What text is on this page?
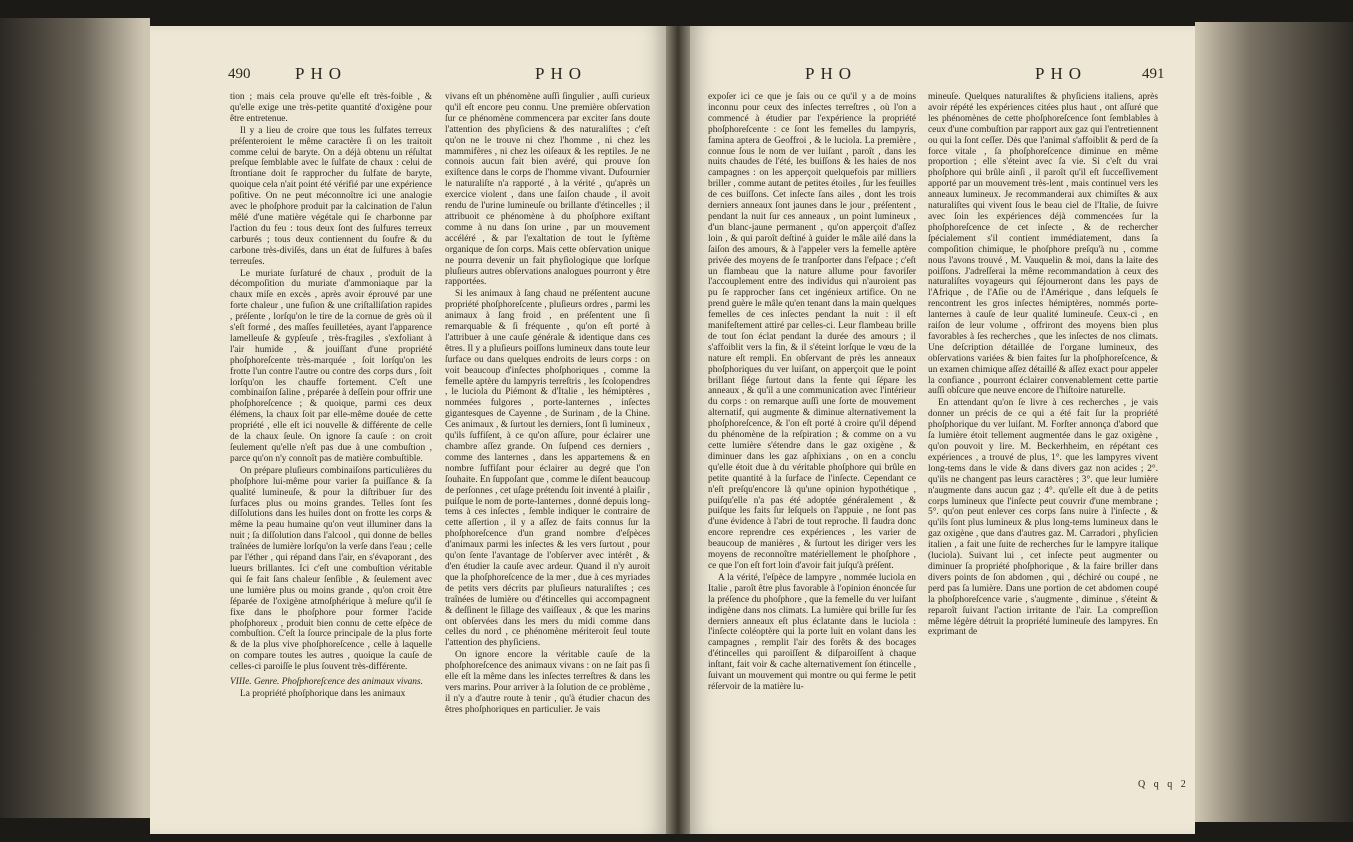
490	PHO	PHO

tion ; mais cela prouve qu'elle eſt très-foible , & qu'elle exige une très-petite quantité d'oxigène pour être entretenue.

Il y a lieu de croire que tous les ſulfates terreux préſenteroient le même caractère ſi on les traitoit comme celui de baryte. On a déjà obtenu un réſultat preſque ſemblable avec le ſulfate de chaux : celui de ſtrontiane doit ſe rapprocher du ſulfate de baryte, quoique cela n'ait point été vérifié par une expérience poſitive. On ne peut méconnoître ici une analogie avec le phoſphore produit par la calcination de l'alun mêlé d'une matière végétale qui ſe charbonne par l'action du feu : tous deux ſont des ſulfures terreux carburés ; tous deux contiennent du ſoufre & du carbone très-diviſés, dans un état de ſulfures à baſes terreuſes.

Le muriate ſurſaturé de chaux , produit de la décompoſition du muriate d'ammoniaque par la chaux miſe en excès , après avoir éprouvé par une forte chaleur , une fuſion & une criſtalliſation rapides , préſente , lorſqu'on le tire de la cornue de grès où il s'eſt formé , des maſſes feuilletées, ayant l'apparence lamelleuſe & gypſeuſe , très-fragiles , s'exfoliant à l'air humide , & jouiſſant d'une propriété phoſphoreſcente très-marquée , ſoit lorſqu'on les frotte l'un contre l'autre ou contre des corps durs , ſoit lorſqu'on les chauffe fortement. C'eſt une combinaiſon ſaline , préparée à deſſein pour offrir une phoſphoreſcence ; & quoique, parmi ces deux élémens, la chaux ſoit par elle-même douée de cette propriété , elle eſt ici nouvelle & différente de celle de la chaux ſeule. On ignore ſa cauſe : on croit ſeulement qu'elle n'eſt pas due à une combuſtion , parce qu'on n'y connoît pas de matière combuſtible.

On prépare pluſieurs combinaiſons particulières du phoſphore lui-même pour varier ſa puiſſance & ſa qualité lumineuſe, & pour la diſtribuer ſur des ſurfaces plus ou moins grandes. Telles ſont ſes diſſolutions dans les huiles dont on frotte les corps & même la peau humaine qu'on veut illuminer dans la nuit ; ſa diſſolution dans l'alcool , qui donne de belles traînées de lumière lorſqu'on la verſe dans l'eau ; celle par l'éther , qui répand dans l'air, en s'évaporant , des lueurs brillantes. Ici c'eſt une combuſtion véritable qui ſe fait ſans chaleur ſenſible , & ſeulement avec une lumière plus ou moins grande , qu'on croit être ſéparée de l'oxigène atmoſphérique à meſure qu'il ſe fixe dans le phoſphore pour former l'acide phoſphoreux , produit bien connu de cette eſpèce de combuſtion. C'eſt la ſource principale de la plus forte & de la plus vive phoſphoreſcence , celle à laquelle on compare toutes les autres , quoique la cauſe de celles-ci paroiſſe le plus ſouvent très-différente.

VIIIe. Genre. Phoſphoreſcence des animaux vivans.

La propriété phoſphorique dans les animaux

vivans eſt un phénomène auſſi ſingulier , auſſi curieux qu'il eſt encore peu connu. Une première obſervation ſur ce phénomène commencera par exciter ſans doute l'attention des phyſiciens & des naturaliſtes ; c'eſt qu'on ne le trouve ni chez l'homme , ni chez les mammifères , ni chez les oiſeaux & les reptiles. Je ne connois aucun fait bien avéré, qui prouve ſon exiſtence dans le corps de l'homme vivant. Dufournier le naturaliſte n'a rapporté , à la vérité , qu'après un exercice violent , dans une ſaiſon chaude , il avoit rendu de l'urine lumineuſe ou brillante d'étincelles ; il attribuoit ce phénomène à du phoſphore exiſtant comme à nu dans ſon urine , par un mouvement accéléré , & par l'exaltation de tout le ſyſtème organique de ſon corps. Mais cette obſervation unique ne pourra devenir un fait phyſiologique que lorſque pluſieurs autres obſervations analogues pourront y être rapportées.

Si les animaux à ſang chaud ne préſentent aucune propriété phoſphoreſcente , pluſieurs ordres , parmi les animaux à ſang froid , en préſentent une ſi remarquable & ſi fréquente , qu'on eſt porté à l'attribuer à une cauſe générale & identique dans ces êtres. Il y a pluſieurs poiſſons lumineux dans toute leur ſurface ou dans quelques endroits de leurs corps : on voit beaucoup d'inſectes phoſphoriques , comme la femelle aptère du lampyris terreſtris , les ſcolopendres , le luciola du Piémont & d'Italie , les hémiptères , nommées fulgores , porte-lanternes , inſectes gigantesques de Cayenne , de Surinam , de la Chine. Ces animaux , & ſurtout les derniers, ſont ſi lumineux , qu'ils ſuffiſent, à ce qu'on aſſure, pour éclairer une chambre aſſez grande. On ſuſpend ces derniers , comme des lanternes , dans les appartemens & en nombre ſuffiſant pour éclairer au degré que l'on ſouhaite. En ſuppoſant que , comme le diſent beaucoup de perſonnes , cet uſage prétendu ſoit inventé à plaiſir , puiſque le nom de porte-lanternes , donné depuis long-tems à ces inſectes , ſemble indiquer le contraire de cette aſſertion , il y a aſſez de faits connus ſur la phoſphoreſcence d'un grand nombre d'eſpèces d'animaux parmi les inſectes & les vers ſurtout , pour qu'on ſente l'avantage de l'obſerver avec intérêt , & d'en étudier la cauſe avec ardeur. Quand il n'y auroit que la phoſphoreſcence de la mer , due à ces myriades de petits vers décrits par pluſieurs naturaliſtes ; ces traînées de lumière ou d'étincelles qui accompagnent & deſſinent le ſillage des vaiſſeaux , & que les marins ont obſervées dans les mers du midi comme dans celles du nord , ce phénomène mériteroit ſeul toute l'attention des phyſiciens.

On ignore encore la véritable cauſe de la phoſphoreſcence des animaux vivans : on ne ſait pas ſi elle eſt la même dans les inſectes terreſtres & dans les vers marins. Pour arriver à la ſolution de ce problème , il n'y a d'autre route à tenir , qu'à étudier chacun des êtres phoſphoriques en particulier. Je vais

PHO	PHO	491

expoſer ici ce que je ſais ou ce qu'il y a de moins inconnu pour ceux des inſectes terreſtres , où l'on a commencé à étudier par l'expérience la propriété phoſphoreſcente : ce ſont les femelles du lampyris, famina aptera de Geoffroi , & le luciola. La première , connue ſous le nom de ver luiſant , paroît , dans les nuits chaudes de l'été, les buiſſons & les haies de nos campagnes : on les apperçoit quelquefois par milliers briller , comme autant de petites étoiles , ſur les feuilles de ces buiſſons. Cet inſecte ſans ailes , dont les trois derniers anneaux ſont jaunes dans le jour , préſentent , pendant la nuit ſur ces anneaux , un point lumineux , d'un blanc-jaune permanent , qu'on apperçoit d'aſſez loin , & qui paroît deſtiné à guider le mâle ailé dans la ſaiſon des amours, & à l'appeler vers la femelle aptère privée des moyens de ſe tranſporter dans l'eſpace ; c'eſt un flambeau que la nature allume pour favoriſer l'accouplement entre des individus qui n'auroient pas pu ſe rapprocher ſans cet ingénieux artifice. On ne prend guère le mâle qu'en tenant dans la main quelques femelles de ces inſectes pendant la nuit : il eſt manifeſtement attiré par celles-ci. Leur flambeau brille de tout ſon éclat pendant la durée des amours ; il s'affoiblit vers la fin, & il s'éteint lorſque le vœu de la nature eſt rempli. En obſervant de près les anneaux phoſphoriques du ver luiſant, on apperçoit que le point brillant ſiége ſurtout dans la fente qui ſépare les anneaux , & qu'il a une communication avec l'intérieur du corps : on remarque auſſi une ſorte de mouvement alternatif, qui augmente & diminue alternativement la phoſphoreſcence, & l'on eſt porté à croire qu'il dépend du phénomène de la reſpiration ; & comme on a vu cette lumière s'étendre dans le gaz oxigène , & diminuer dans les gaz aſphixians , on en a conclu qu'elle étoit due à du véritable phoſphore qui brûle en petite quantité à la ſurface de l'inſecte. Cependant ce n'eſt preſqu'encore là qu'une opinion hypothétique , puiſqu'elle n'a pas été adoptée généralement , & puiſque les faits ſur leſquels on l'appuie , ne ſont pas d'une évidence à l'abri de tout reproche. Il faudra donc encore reprendre ces expériences , les varier de beaucoup de manières , & ſurtout les diriger vers les moyens de reconnoître matériellement le phoſphore , ce que l'on eſt fort loin d'avoir fait juſqu'à préſent.

A la vérité, l'eſpèce de lampyre , nommée luciola en Italie , paroît être plus favorable à l'opinion énoncée ſur la préſence du phoſphore , que la femelle du ver luiſant indigène dans nos climats. La lumière qui brille ſur ſes derniers anneaux eſt plus éclatante dans le luciola : l'inſecte coléoptère qui la porte luit en volant dans les campagnes , remplit l'air des forêts & des bocages d'étincelles qui paroiſſent & diſparoiſſent à chaque inſtant, fait voir & cache alternativement ſon étincelle , ſuivant un mouvement qui montre ou qui ferme le petit réſervoir de la matière lu-

mineuſe. Quelques naturaliſtes & phyſiciens italiens, après avoir répété les expériences citées plus haut , ont aſſuré que les phénomènes de cette phoſphoreſcence ſont ſemblables à ceux d'une combuſtion par rapport aux gaz qui l'entretiennent ou qui la ſont ceſſer. Dès que l'animal s'affoiblit & perd de ſa force vitale , ſa phoſphoreſcence diminue en même proportion ; elle s'éteint avec ſa vie. Si c'eſt du vrai phoſphore qui brûle ainſi , il paroît qu'il eſt ſucceſſivement apporté par un mouvement très-lent , mais continuel vers les anneaux lumineux. Je recommanderai aux chimiſtes & aux naturaliſtes qui vivent ſous le beau ciel de l'Italie, de ſuivre avec ſoin les expériences déjà commencées ſur la phoſphoreſcence de cet inſecte , & de rechercher ſpécialement s'il contient immédiatement, dans ſa compoſition chimique, le phoſphore preſqu'à nu , comme nous l'avons trouvé , M. Vauquelin & moi, dans la laite des poiſſons. J'adreſſerai la même recommandation à ceux des naturaliſtes voyageurs qui ſéjourneront dans les pays de l'Afrique , de l'Aſie ou de l'Amérique , dans leſquels ſe rencontrent les gros inſectes hémiptères, nommés porte-lanternes à cauſe de leur qualité lumineuſe. Ceux-ci , en raiſon de leur volume , offriront des moyens bien plus favorables à ſes recherches , que les inſectes de nos climats. Une deſcription détaillée de l'organe lumineux, des obſervations variées & bien faites ſur la phoſphoreſcence, & un examen chimique aſſez détaillé & aſſez exact pour appeler la confiance , pourront éclairer convenablement cette partie auſſi obſcure que neuve encore de l'hiſtoire naturelle.

En attendant qu'on ſe livre à ces recherches , je vais donner un précis de ce qui a été fait ſur la propriété phoſphorique du ver luiſant. M. Forſter annonça d'abord que ſa lumière étoit tellement augmentée dans le gaz oxigène , qu'on pouvoit y lire. M. Beckerhheim, en répétant ces expériences , a trouvé de plus, 1°. que les lampyres vivent long-tems dans le vide & dans divers gaz non acides ; 2°. qu'ils ne changent pas leurs caractères ; 3°. que leur lumière n'augmente dans aucun gaz ; 4°. qu'elle eſt due à de petits corps lumineux que l'inſecte peut couvrir d'une membrane ; 5°. qu'on peut enlever ces corps ſans nuire à l'inſecte , & qu'ils ſont plus lumineux & plus long-tems lumineux dans le gaz oxigène , que dans d'autres gaz. M. Carradori , phyſicien italien , a fait une ſuite de recherches ſur le lampyre italique (luciola). Suivant lui , cet inſecte peut augmenter ou diminuer ſa propriété phoſphorique , & la faire briller dans divers points de ſon abdomen , qui , déchiré ou coupé , ne perd pas ſa lumière. Dans une portion de cet abdomen coupé la phoſphoreſcence varie , s'augmente , diminue , s'éteint & reparoît ſuivant l'action irritante de l'air. La compreſſion même légère détruit la propriété lumineuſe des lampyres. En exprimant de

Q q q 2
